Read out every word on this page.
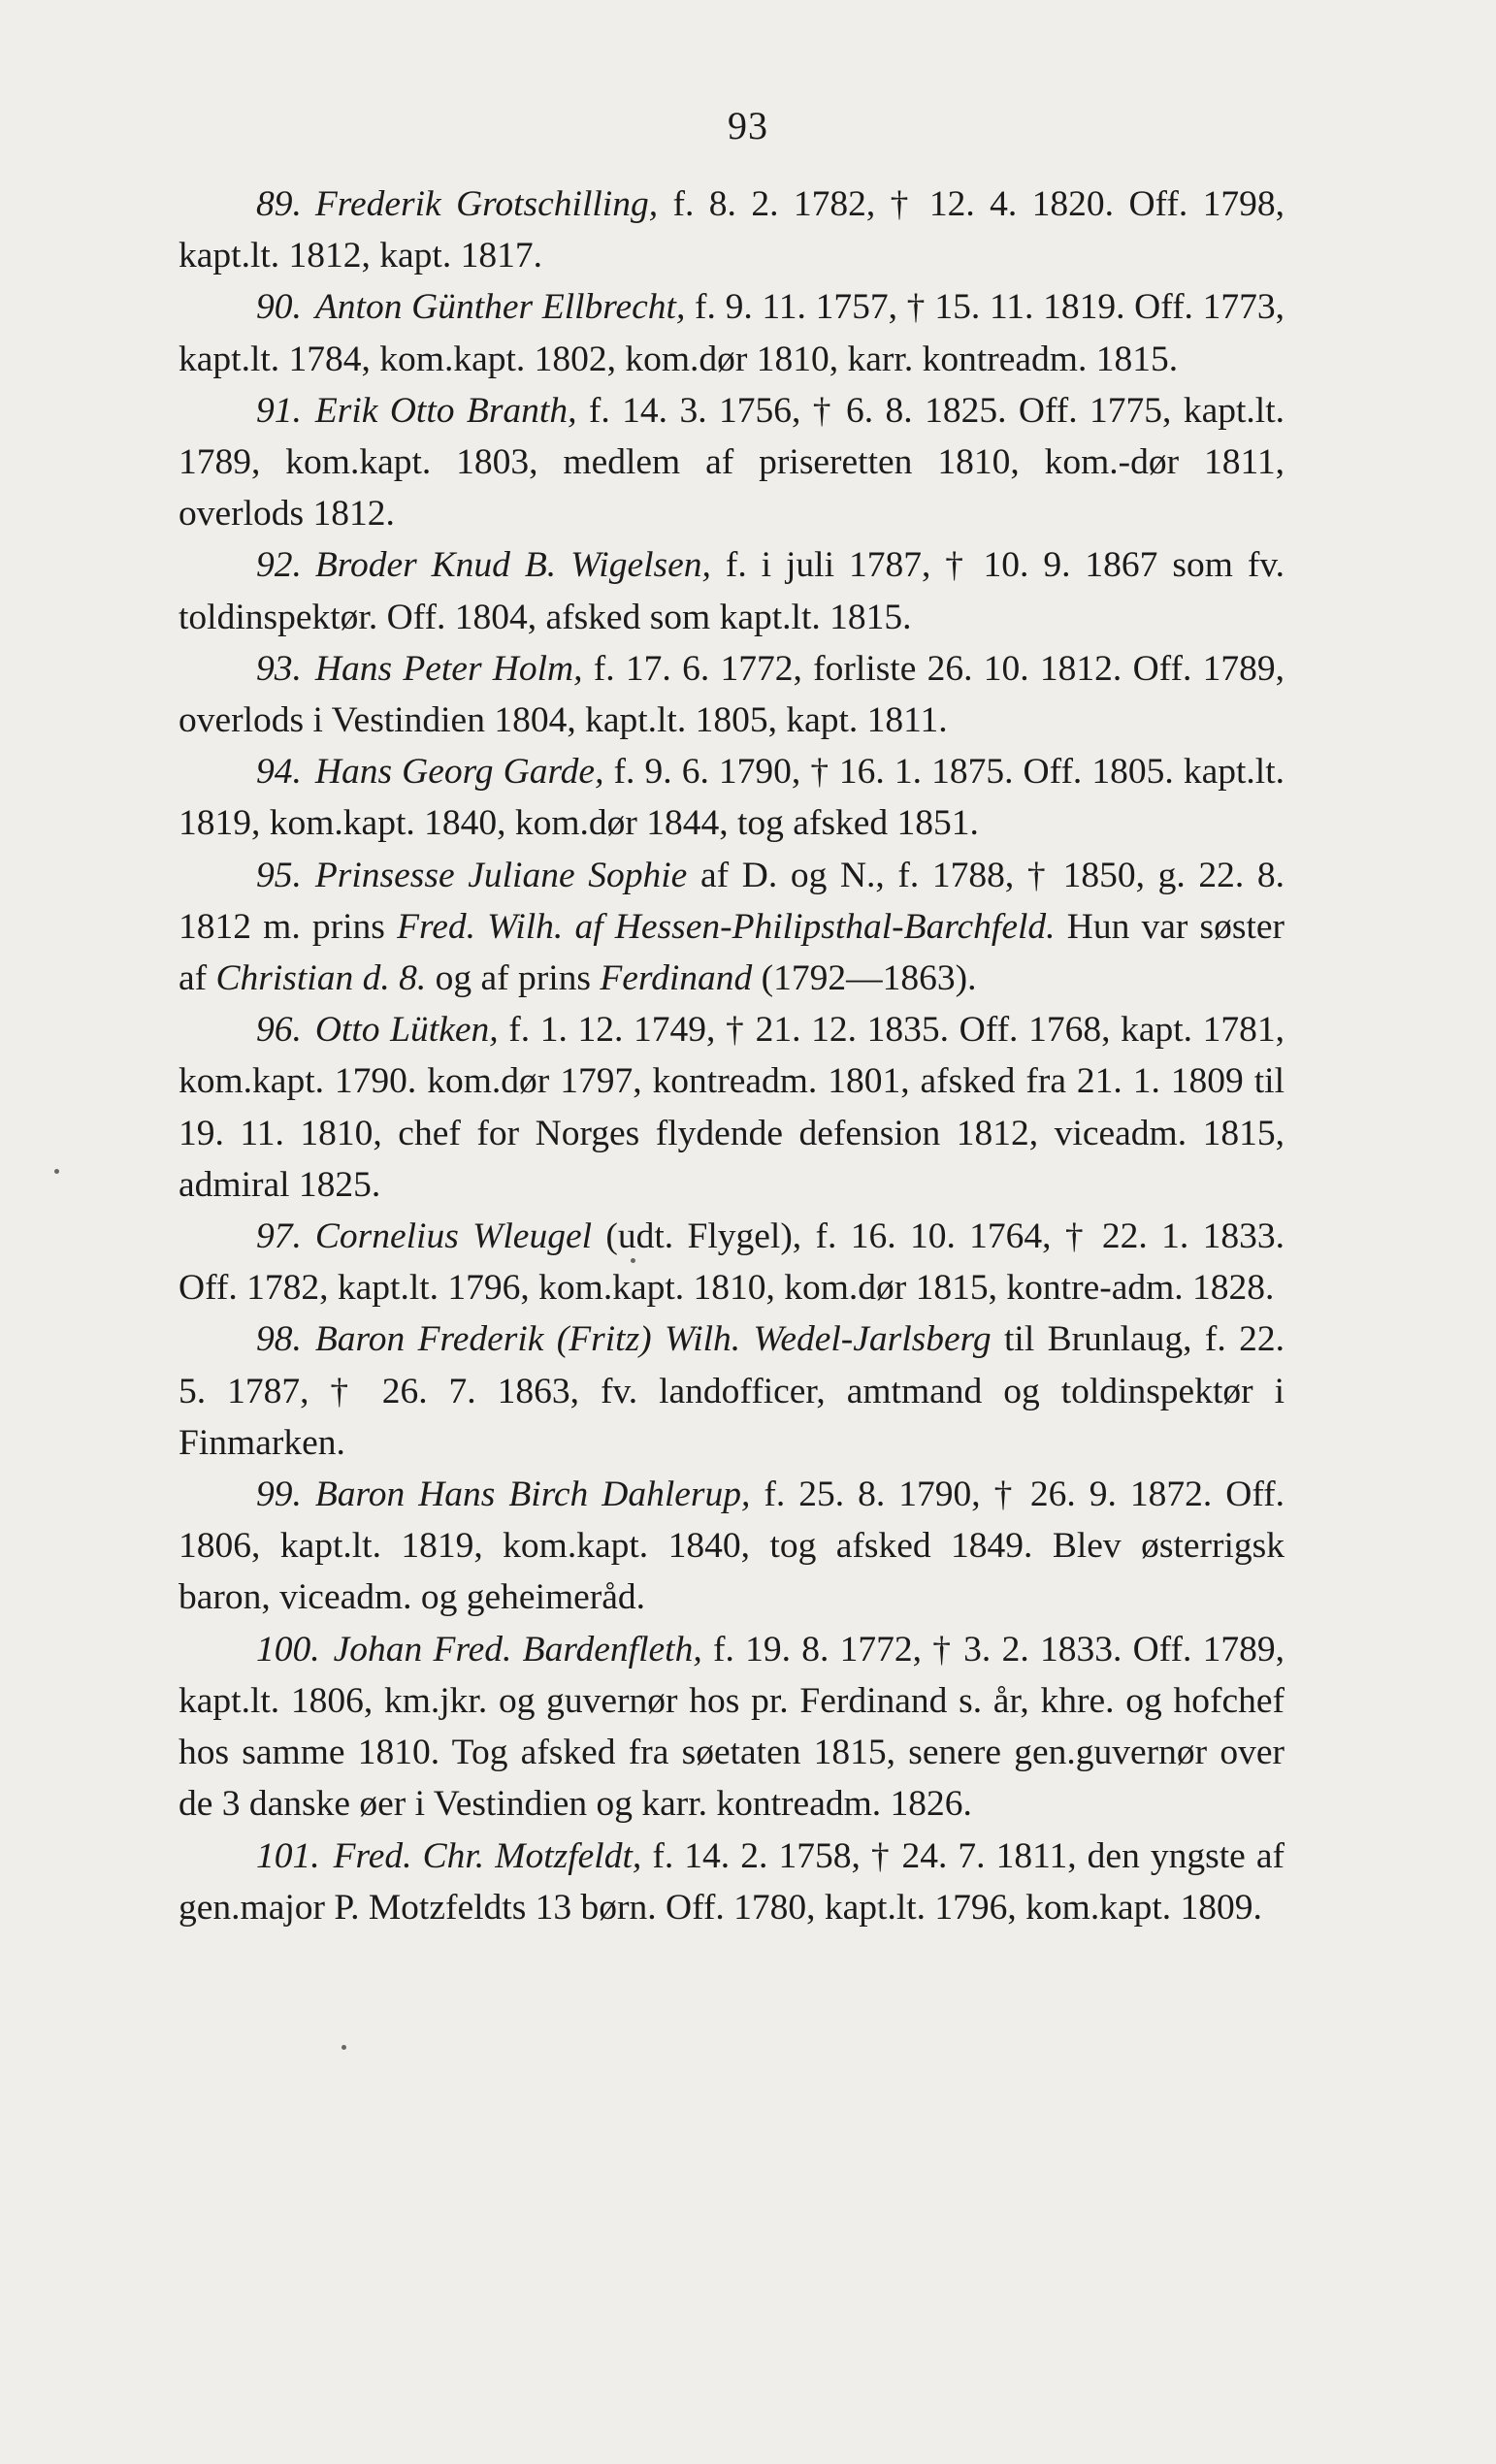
93

89. Frederik Grotschilling, f. 8. 2. 1782, † 12. 4. 1820. Off. 1798, kapt.lt. 1812, kapt. 1817.

90. Anton Günther Ellbrecht, f. 9. 11. 1757, † 15. 11. 1819. Off. 1773, kapt.lt. 1784, kom.kapt. 1802, kom.dør 1810, karr. kontreadm. 1815.

91. Erik Otto Branth, f. 14. 3. 1756, † 6. 8. 1825. Off. 1775, kapt.lt. 1789, kom.kapt. 1803, medlem af priseretten 1810, kom.-dør 1811, overlods 1812.

92. Broder Knud B. Wigelsen, f. i juli 1787, † 10. 9. 1867 som fv. toldinspektør. Off. 1804, afsked som kapt.lt. 1815.

93. Hans Peter Holm, f. 17. 6. 1772, forliste 26. 10. 1812. Off. 1789, overlods i Vestindien 1804, kapt.lt. 1805, kapt. 1811.

94. Hans Georg Garde, f. 9. 6. 1790, † 16. 1. 1875. Off. 1805. kapt.lt. 1819, kom.kapt. 1840, kom.dør 1844, tog afsked 1851.

95. Prinsesse Juliane Sophie af D. og N., f. 1788, † 1850, g. 22. 8. 1812 m. prins Fred. Wilh. af Hessen-Philipsthal-Barchfeld. Hun var søster af Christian d. 8. og af prins Ferdinand (1792—1863).

96. Otto Lütken, f. 1. 12. 1749, † 21. 12. 1835. Off. 1768, kapt. 1781, kom.kapt. 1790. kom.dør 1797, kontreadm. 1801, afsked fra 21. 1. 1809 til 19. 11. 1810, chef for Norges flydende defension 1812, viceadm. 1815, admiral 1825.

97. Cornelius Wleugel (udt. Flygel), f. 16. 10. 1764, † 22. 1. 1833. Off. 1782, kapt.lt. 1796, kom.kapt. 1810, kom.dør 1815, kontre-adm. 1828.

98. Baron Frederik (Fritz) Wilh. Wedel-Jarlsberg til Brunlaug, f. 22. 5. 1787, † 26. 7. 1863, fv. landofficer, amtmand og toldinspektør i Finmarken.

99. Baron Hans Birch Dahlerup, f. 25. 8. 1790, † 26. 9. 1872. Off. 1806, kapt.lt. 1819, kom.kapt. 1840, tog afsked 1849. Blev østerrigsk baron, viceadm. og geheimeråd.

100. Johan Fred. Bardenfleth, f. 19. 8. 1772, † 3. 2. 1833. Off. 1789, kapt.lt. 1806, km.jkr. og guvernør hos pr. Ferdinand s. år, khre. og hofchef hos samme 1810. Tog afsked fra søetaten 1815, senere gen.guvernør over de 3 danske øer i Vestindien og karr. kontreadm. 1826.

101. Fred. Chr. Motzfeldt, f. 14. 2. 1758, † 24. 7. 1811, den yngste af gen.major P. Motzfeldts 13 børn. Off. 1780, kapt.lt. 1796, kom.kapt. 1809.
